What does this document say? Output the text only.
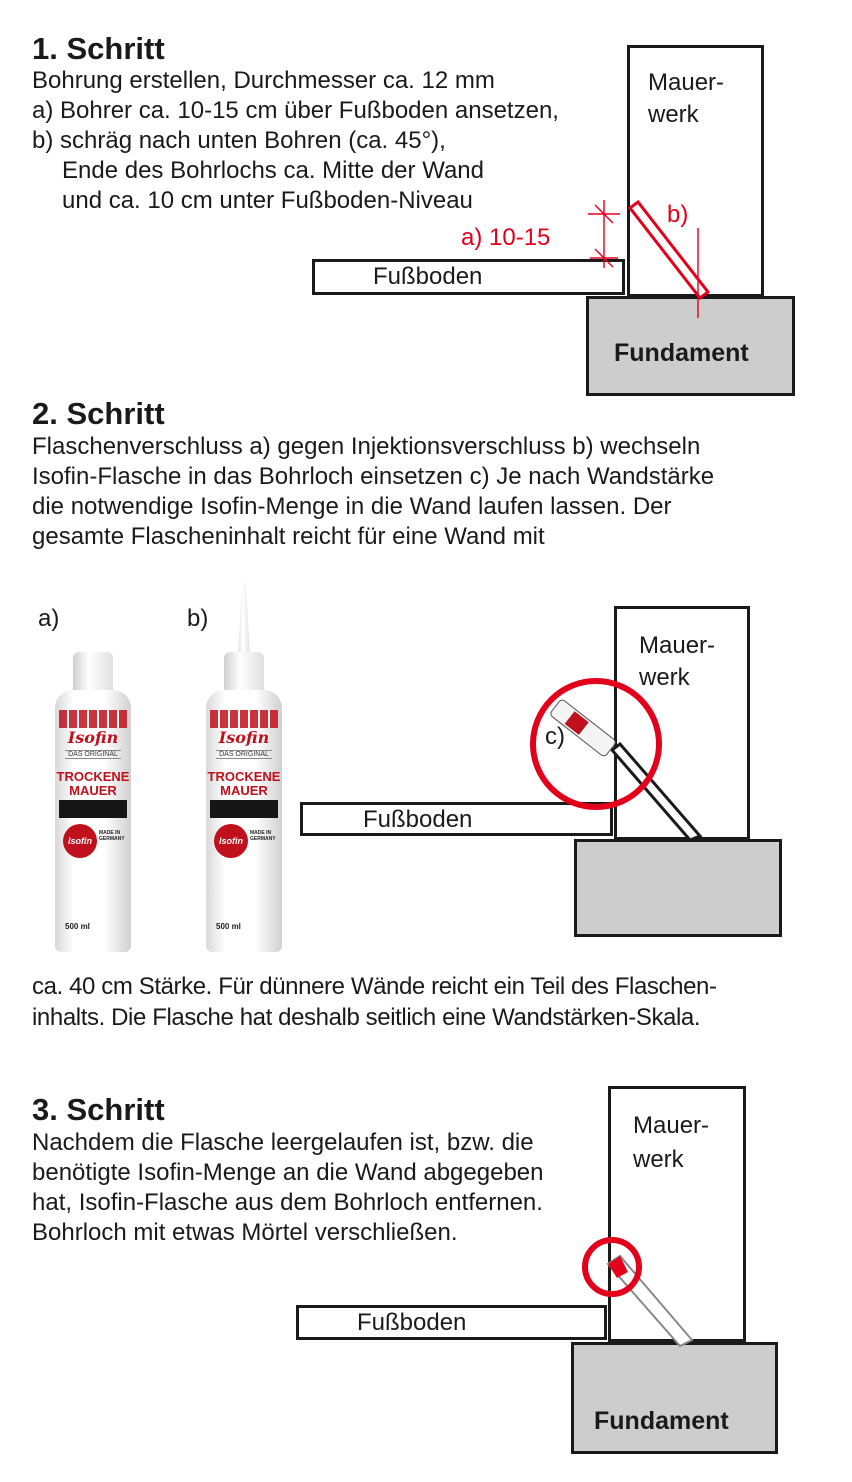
1. Schritt
Bohrung erstellen, Durchmesser ca. 12 mm
a) Bohrer ca. 10-15 cm über Fußboden ansetzen,
b) schräg nach unten Bohren (ca. 45°),
Ende des Bohrlochs ca. Mitte der Wand
und ca. 10 cm unter Fußboden-Niveau
Mauer-
werk
Fußboden
Fundament
a) 10-15
b)
2. Schritt
Flaschenverschluss a) gegen Injektionsverschluss b) wechseln
Isofin-Flasche in das Bohrloch einsetzen c) Je nach Wandstärke
die notwendige Isofin-Menge in die Wand laufen lassen. Der
gesamte Flascheninhalt reicht für eine Wand mit
a)	b)
Isofin
DAS ORIGINAL
TROCKENE
MAUER
Isofin
MADE IN GERMANY
500 ml
Isofin
DAS ORIGINAL
TROCKENE
MAUER
Isofin
MADE IN GERMANY
500 ml
Mauer-
werk
Fußboden
c)
ca. 40 cm Stärke. Für dünnere Wände reicht ein Teil des Flaschen-
inhalts. Die Flasche hat deshalb seitlich eine Wandstärken-Skala.
3. Schritt
Nachdem die Flasche leergelaufen ist, bzw. die
benötigte Isofin-Menge an die Wand abgegeben
hat, Isofin-Flasche aus dem Bohrloch entfernen.
Bohrloch mit etwas Mörtel verschließen.
Mauer-
werk
Fußboden
Fundament
